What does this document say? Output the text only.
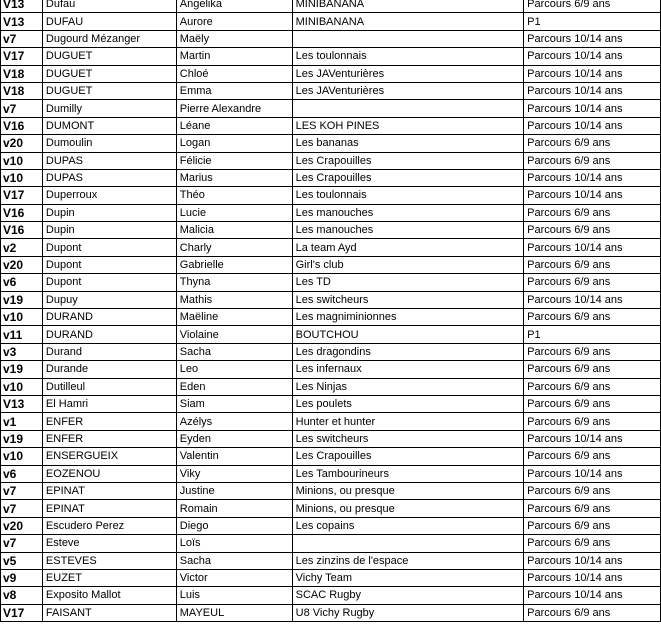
V13	Dufau	Angelika	MINIBANANA	Parcours 6/9 ans
V13	DUFAU	Aurore	MINIBANANA	P1
v7	Dugourd Mézanger	Maëly		Parcours 10/14 ans
V17	DUGUET	Martin	Les toulonnais	Parcours 10/14 ans
V18	DUGUET	Chloé	Les JAVenturières	Parcours 10/14 ans
V18	DUGUET	Emma	Les JAVenturières	Parcours 10/14 ans
v7	Dumilly	Pierre Alexandre		Parcours 10/14 ans
V16	DUMONT	Léane	LES KOH PINES	Parcours 10/14 ans
v20	Dumoulin	Logan	Les bananas	Parcours 6/9 ans
v10	DUPAS	Félicie	Les Crapouilles	Parcours 6/9 ans
v10	DUPAS	Marius	Les Crapouilles	Parcours 10/14 ans
V17	Duperroux	Théo	Les toulonnais	Parcours 10/14 ans
V16	Dupin	Lucie	Les manouches	Parcours 6/9 ans
V16	Dupin	Malicia	Les manouches	Parcours 6/9 ans
v2	Dupont	Charly	La team Ayd	Parcours 10/14 ans
v20	Dupont	Gabrielle	Girl's club	Parcours 6/9 ans
v6	Dupont	Thyna	Les TD	Parcours 6/9 ans
v19	Dupuy	Mathis	Les switcheurs	Parcours 10/14 ans
v10	DURAND	Maëline	Les magniminionnes	Parcours 6/9 ans
v11	DURAND	Violaine	BOUTCHOU	P1
v3	Durand	Sacha	Les dragondins	Parcours 6/9 ans
v19	Durande	Leo	Les infernaux	Parcours 6/9 ans
v10	Dutilleul	Eden	Les Ninjas	Parcours 6/9 ans
V13	El Hamri	Siam	Les poulets	Parcours 6/9 ans
v1	ENFER	Azélys	Hunter et hunter	Parcours 6/9 ans
v19	ENFER	Eyden	Les switcheurs	Parcours 10/14 ans
v10	ENSERGUEIX	Valentin	Les Crapouilles	Parcours 6/9 ans
v6	EOZENOU	Viky	Les Tambourineurs	Parcours 10/14 ans
v7	EPINAT	Justine	Minions, ou presque	Parcours 6/9 ans
v7	EPINAT	Romain	Minions, ou presque	Parcours 6/9 ans
v20	Escudero Perez	Diego	Les copains	Parcours 6/9 ans
v7	Esteve	Loïs		Parcours 6/9 ans
v5	ESTEVES	Sacha	Les zinzins de l'espace	Parcours 10/14 ans
v9	EUZET	Victor	Vichy Team	Parcours 10/14 ans
v8	Exposito Mallot	Luis	SCAC Rugby	Parcours 10/14 ans
V17	FAISANT	MAYEUL	U8 Vichy Rugby	Parcours 6/9 ans
